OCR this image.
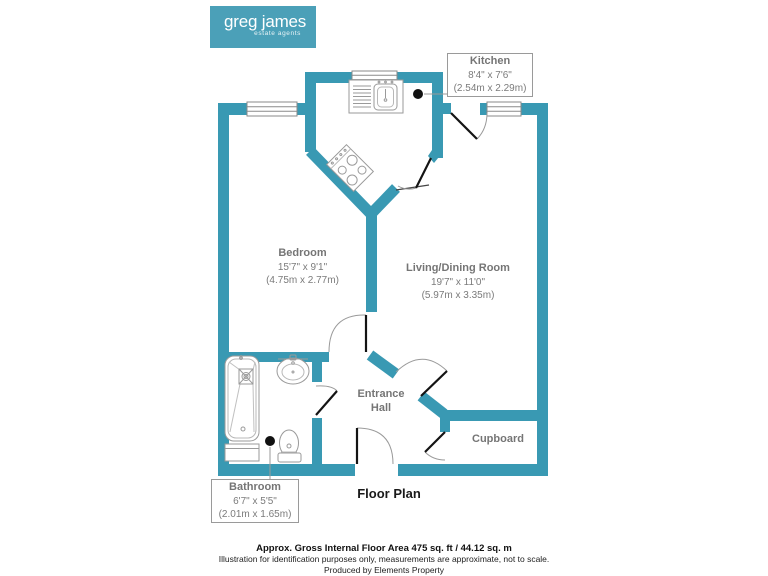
greg james
estate agents
Kitchen
8'4" x 7'6"
(2.54m x 2.29m)
Bedroom
15'7" x 9'1"
(4.75m x 2.77m)
Living/Dining Room
19'7" x 11'0"
(5.97m x 3.35m)
Entrance
Hall
Cupboard
Bathroom
6'7" x 5'5"
(2.01m x 1.65m)
Floor Plan
Approx. Gross Internal Floor Area 475 sq. ft / 44.12 sq. m
Illustration for identification purposes only, measurements are approximate, not to scale.
Produced by Elements Property
